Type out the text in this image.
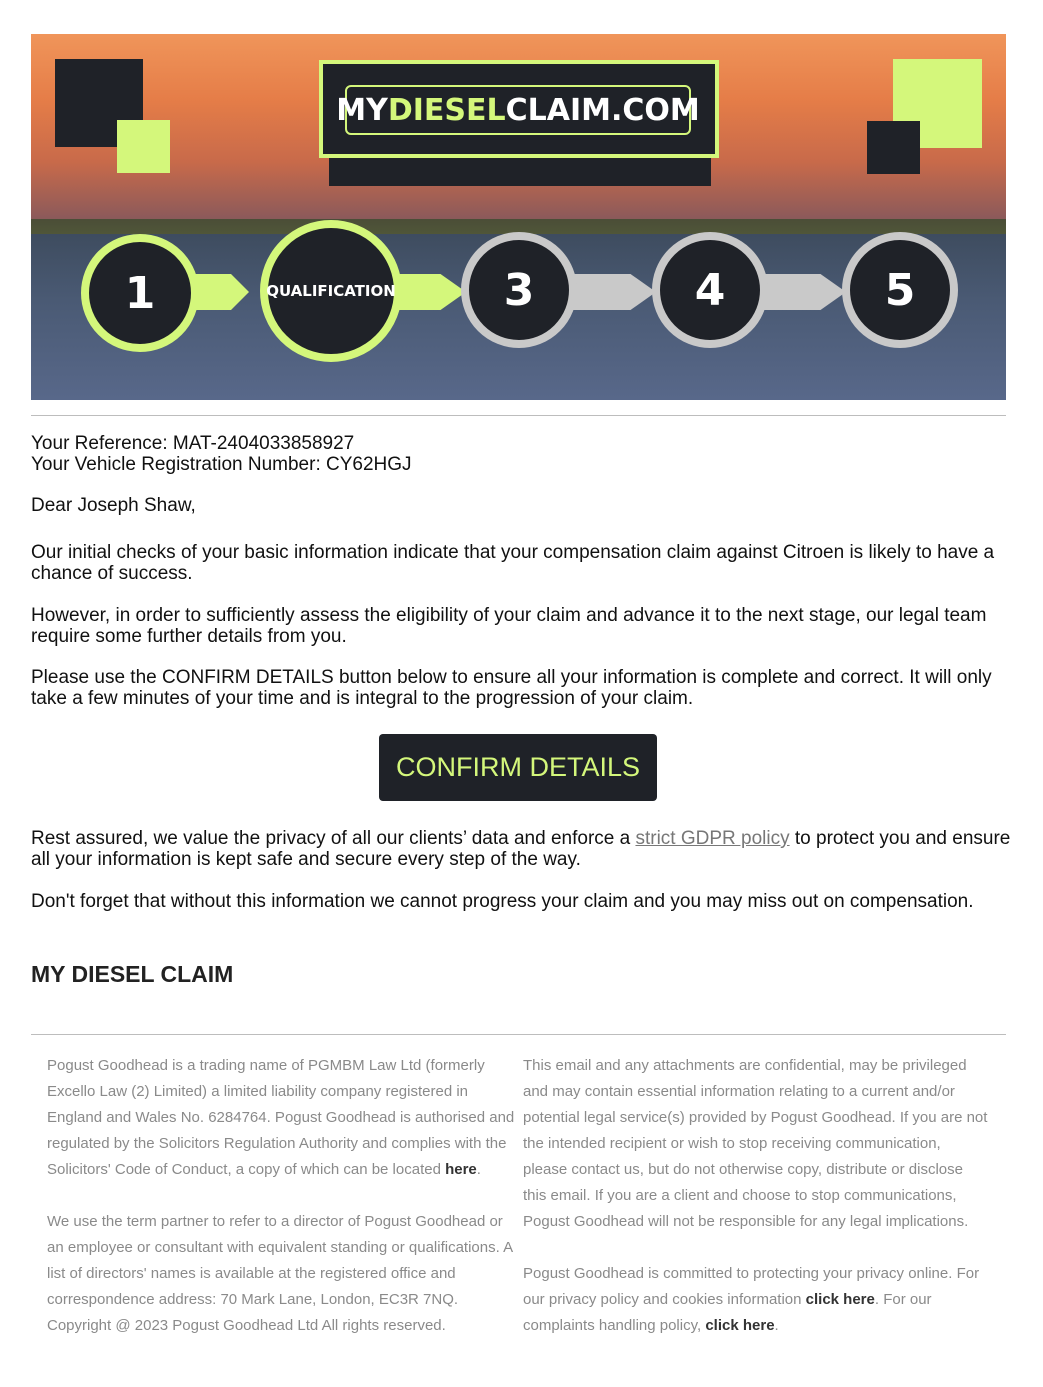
MY DIESEL CLAIM.COM
1	QUALIFICATION 3	4	5
Your Reference: MAT-2404033858927
Your Vehicle Registration Number: CY62HGJ
Dear Joseph Shaw,
Our initial checks of your basic information indicate that your compensation claim against Citroen is likely to have a chance of success.
However, in order to sufficiently assess the eligibility of your claim and advance it to the next stage, our legal team require some further details from you.
Please use the CONFIRM DETAILS button below to ensure all your information is complete and correct. It will only take a few minutes of your time and is integral to the progression of your claim.
CONFIRM DETAILS
Rest assured, we value the privacy of all our clients’ data and enforce a strict GDPR policy to protect you and ensure all your information is kept safe and secure every step of the way.
Don't forget that without this information we cannot progress your claim and you may miss out on compensation.
MY DIESEL CLAIM

Pogust Goodhead is a trading name of PGMBM Law Ltd (formerly Excello Law (2) Limited) a limited liability company registered in England and Wales No. 6284764. Pogust Goodhead is authorised and regulated by the Solicitors Regulation Authority and complies with the Solicitors' Code of Conduct, a copy of which can be located here.

We use the term partner to refer to a director of Pogust Goodhead or an employee or consultant with equivalent standing or qualifications. A list of directors' names is available at the registered office and correspondence address: 70 Mark Lane, London, EC3R 7NQ. Copyright @ 2023 Pogust Goodhead Ltd All rights reserved.

This email and any attachments are confidential, may be privileged and may contain essential information relating to a current and/or potential legal service(s) provided by Pogust Goodhead. If you are not the intended recipient or wish to stop receiving communication, please contact us, but do not otherwise copy, distribute or disclose this email. If you are a client and choose to stop communications, Pogust Goodhead will not be responsible for any legal implications.

Pogust Goodhead is committed to protecting your privacy online. For our privacy policy and cookies information click here. For our complaints handling policy, click here.
